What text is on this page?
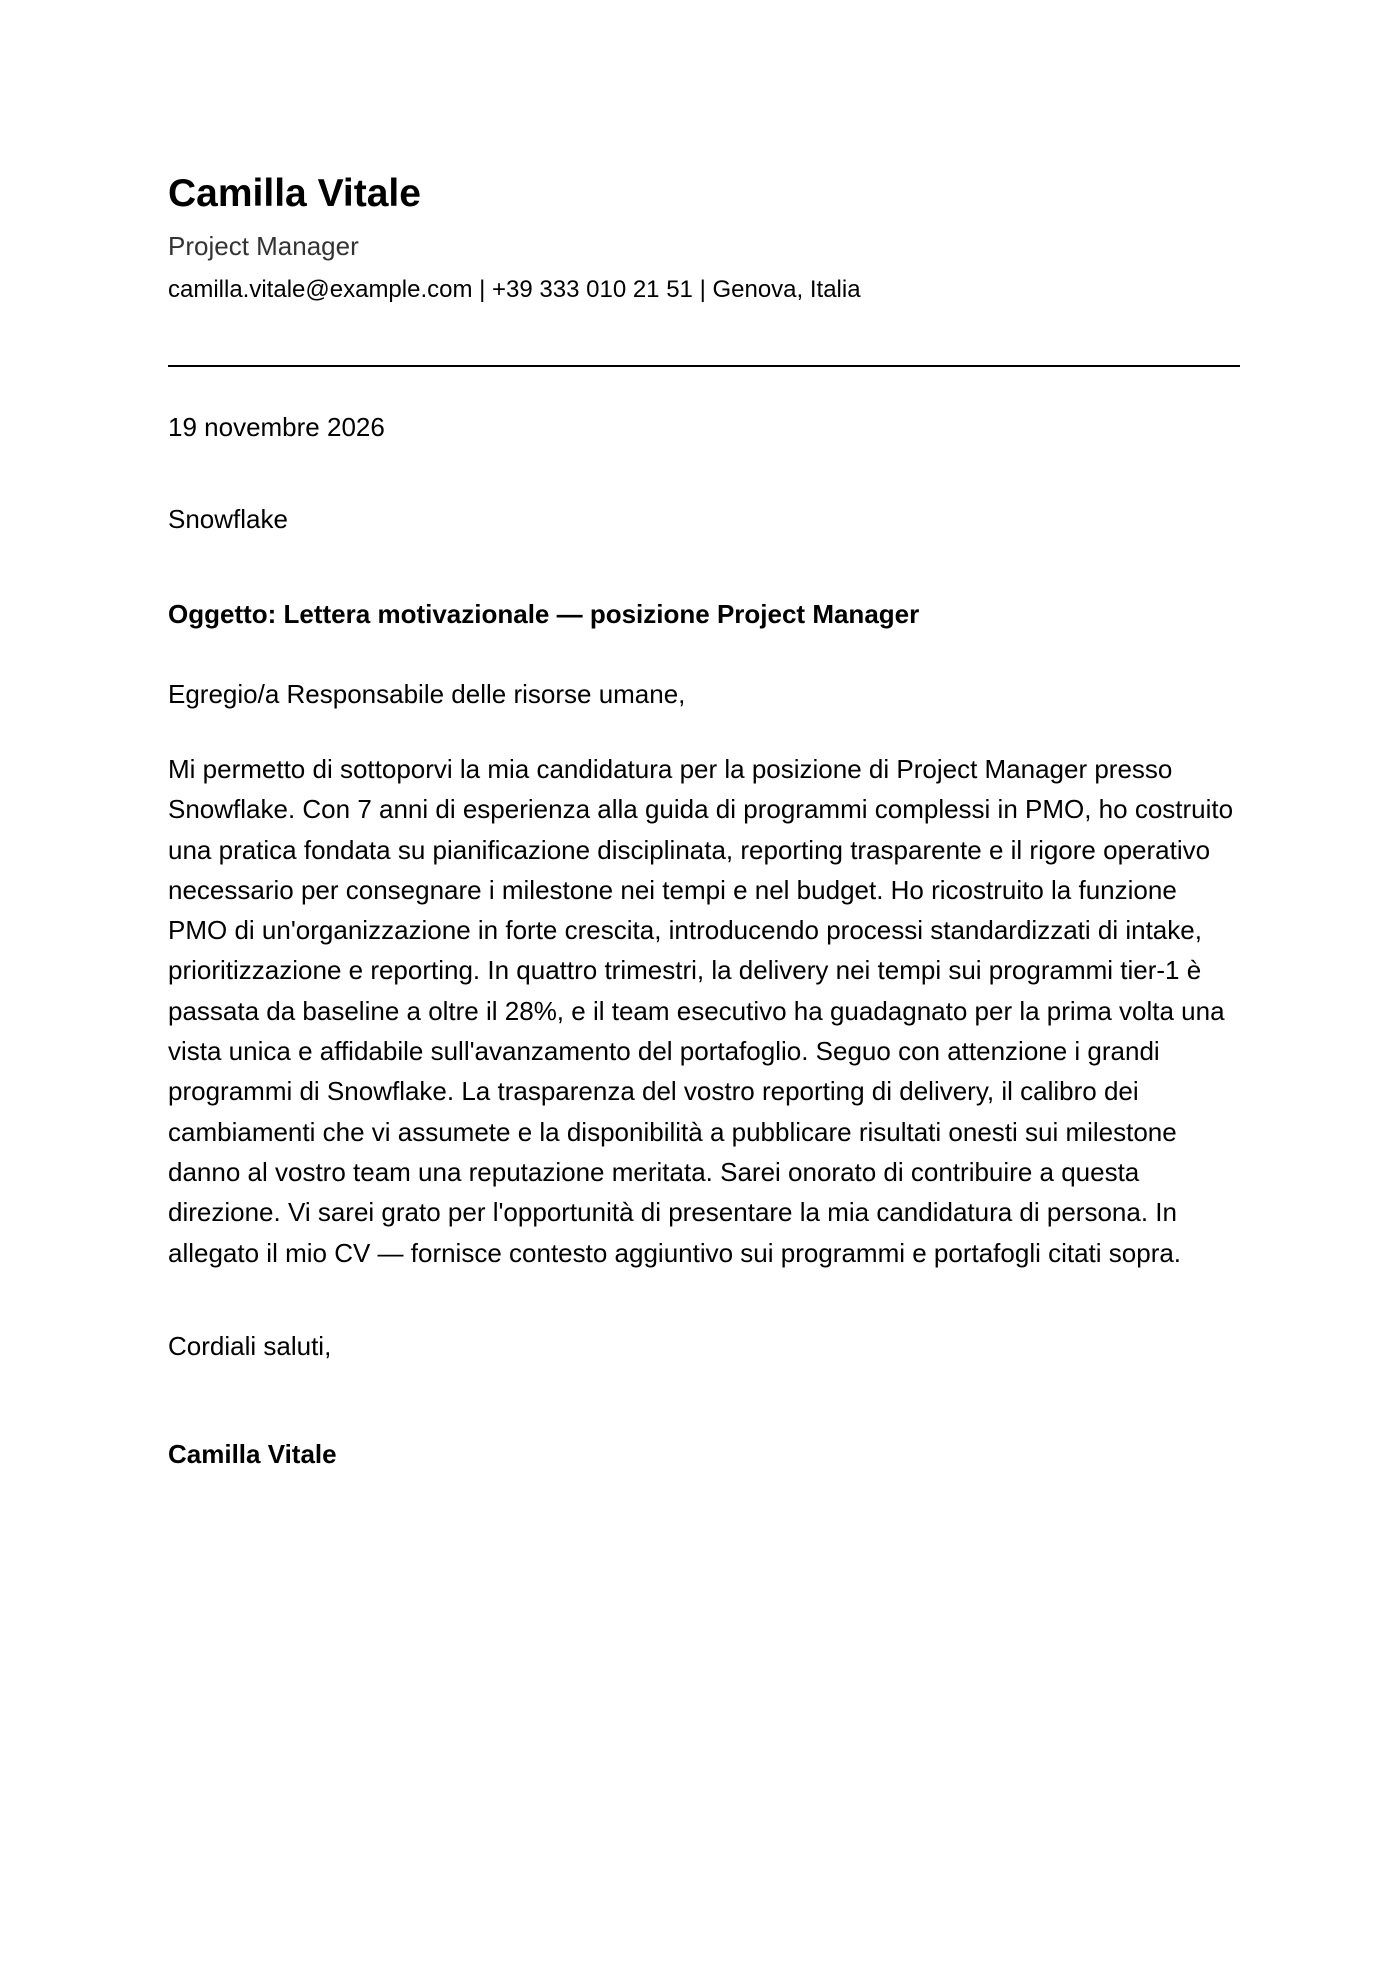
Camilla Vitale
Project Manager
camilla.vitale@example.com | +39 333 010 21 51 | Genova, Italia
19 novembre 2026
Snowflake
Oggetto: Lettera motivazionale — posizione Project Manager
Egregio/a Responsabile delle risorse umane,

Mi permetto di sottoporvi la mia candidatura per la posizione di Project Manager presso Snowflake. Con 7 anni di esperienza alla guida di programmi complessi in PMO, ho costruito una pratica fondata su pianificazione disciplinata, reporting trasparente e il rigore operativo necessario per consegnare i milestone nei tempi e nel budget. Ho ricostruito la funzione PMO di un'organizzazione in forte crescita, introducendo processi standardizzati di intake, prioritizzazione e reporting. In quattro trimestri, la delivery nei tempi sui programmi tier-1 è passata da baseline a oltre il 28%, e il team esecutivo ha guadagnato per la prima volta una vista unica e affidabile sull'avanzamento del portafoglio. Seguo con attenzione i grandi programmi di Snowflake. La trasparenza del vostro reporting di delivery, il calibro dei cambiamenti che vi assumete e la disponibilità a pubblicare risultati onesti sui milestone danno al vostro team una reputazione meritata. Sarei onorato di contribuire a questa direzione. Vi sarei grato per l'opportunità di presentare la mia candidatura di persona. In allegato il mio CV — fornisce contesto aggiuntivo sui programmi e portafogli citati sopra.

Cordiali saluti,
Camilla Vitale
